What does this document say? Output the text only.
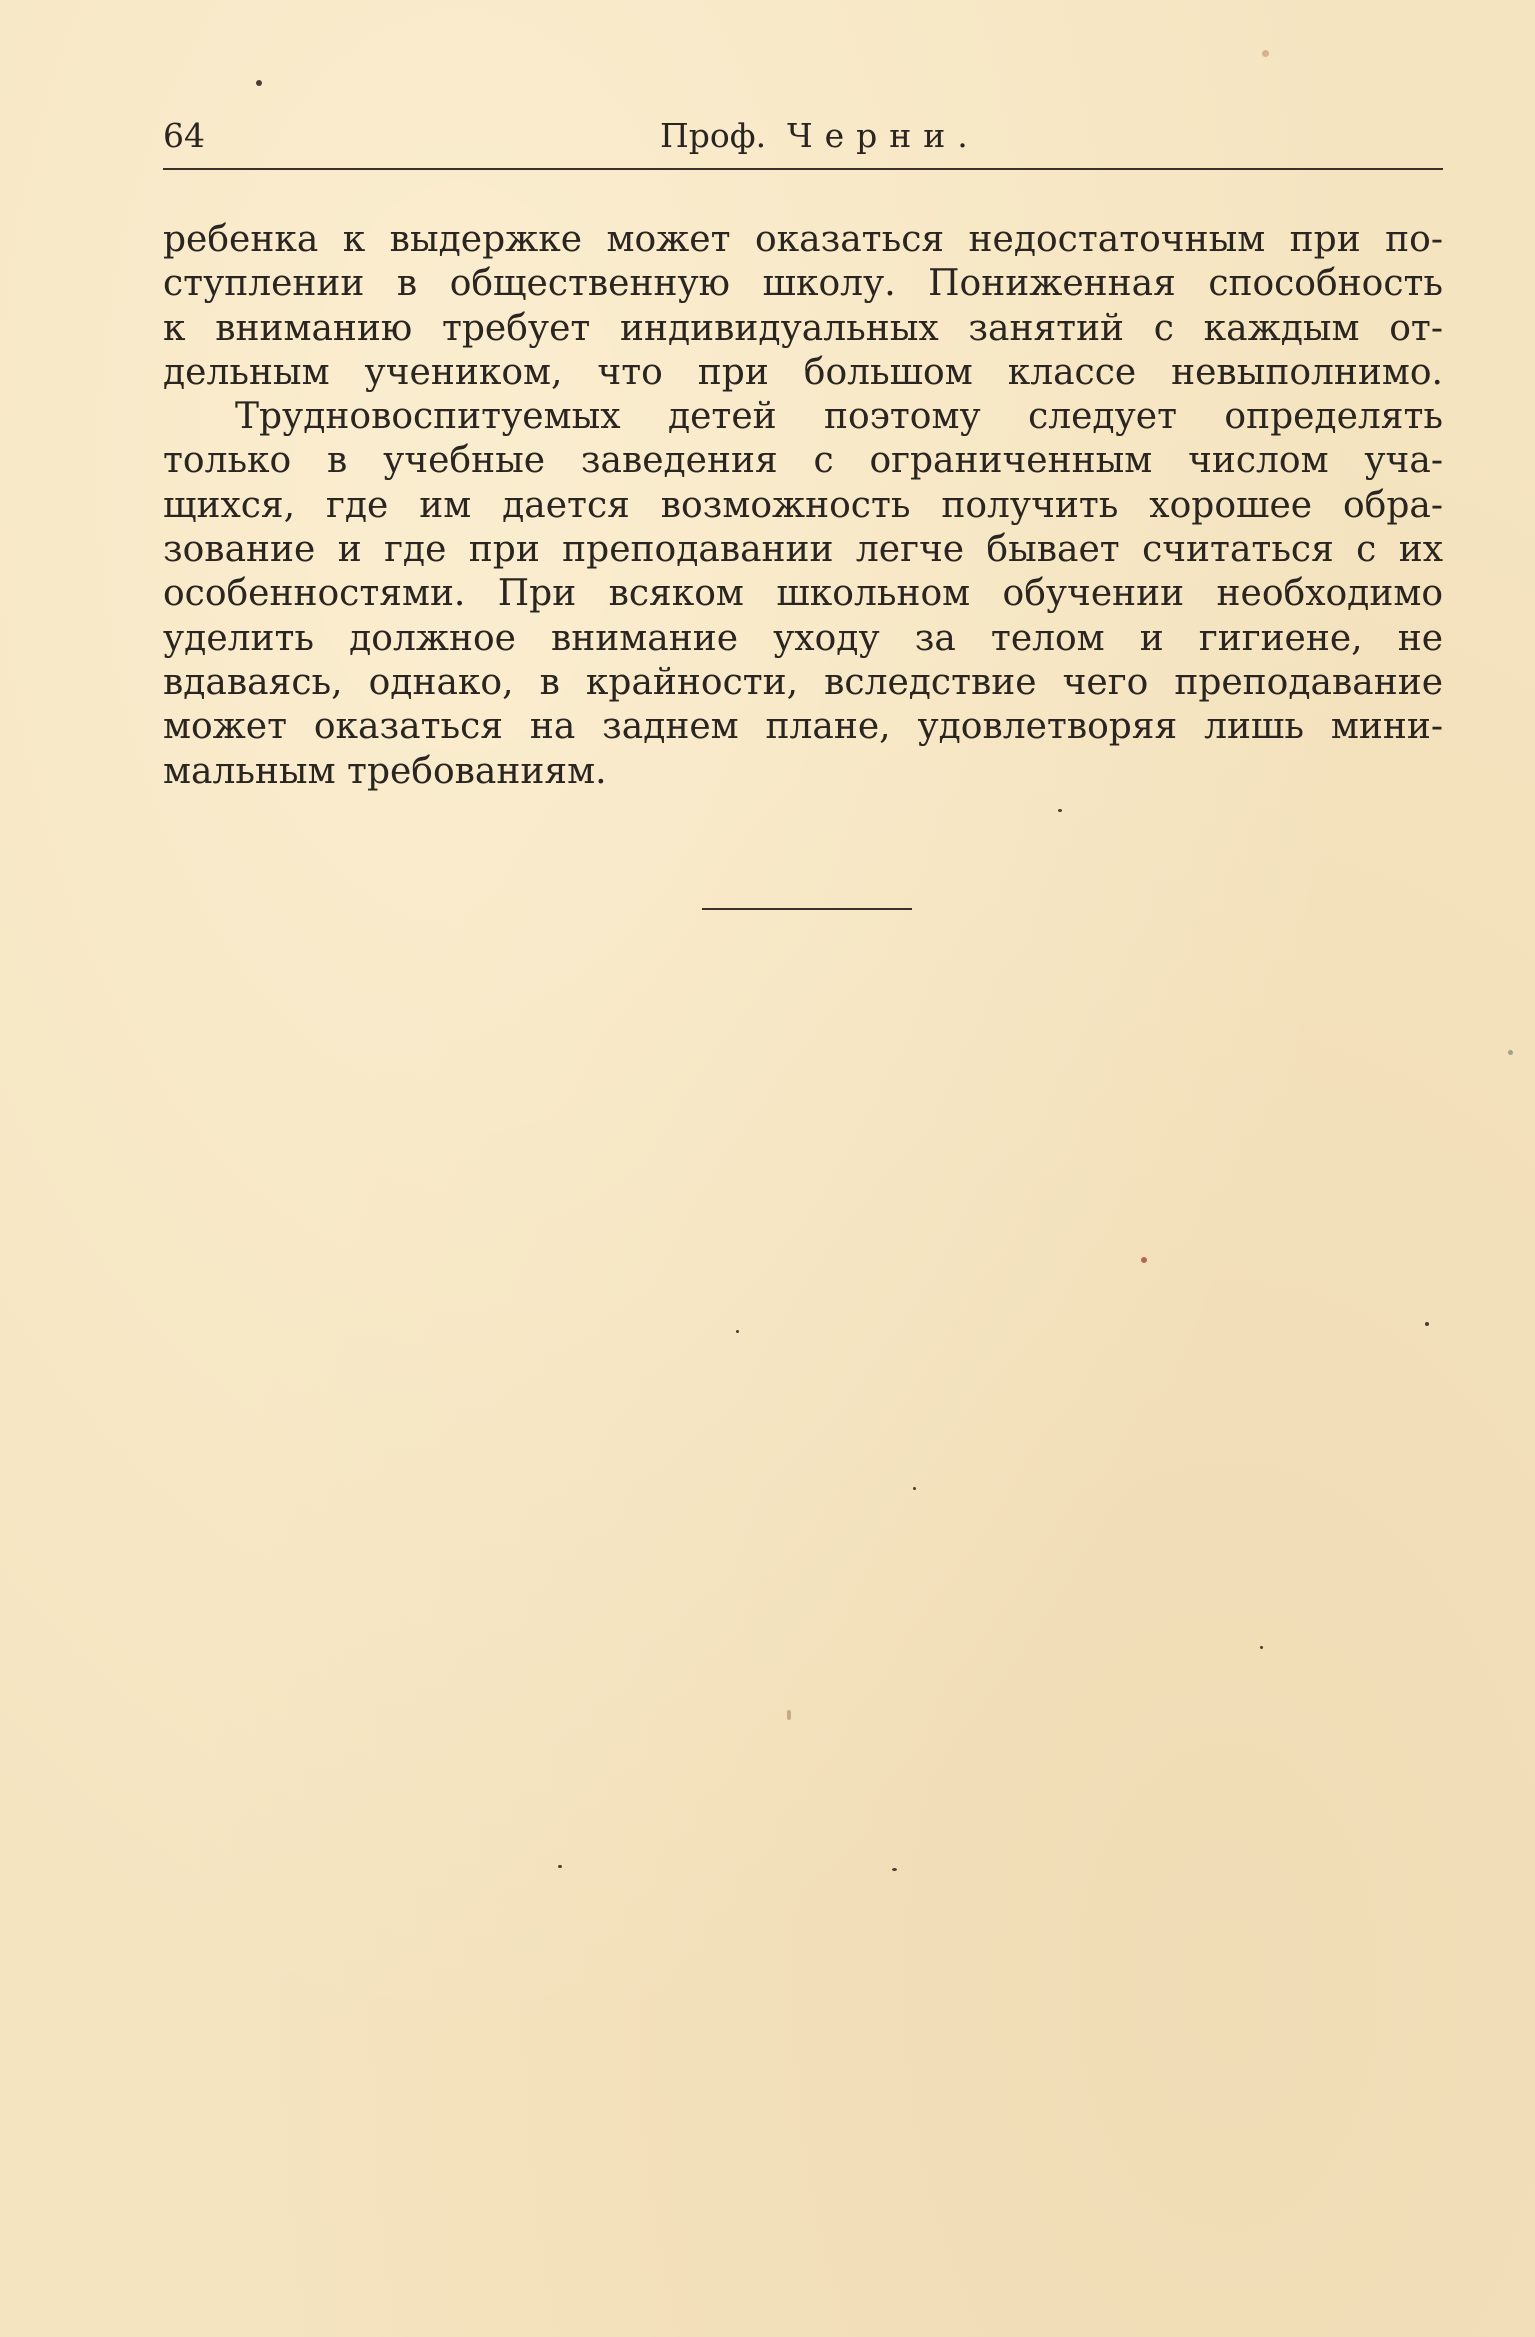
64	Проф. Черни.

ребенка к выдержке может оказаться недостаточным при по-
ступлении в общественную школу. Пониженная способность
к вниманию требует индивидуальных занятий с каждым от-
дельным учеником, что при большом классе невыполнимо.

Трудновоспитуемых детей поэтому следует определять
только в учебные заведения с ограниченным числом уча-
щихся, где им дается возможность получить хорошее обра-
зование и где при преподавании легче бывает считаться с их
особенностями. При всяком школьном обучении необходимо
уделить должное внимание уходу за телом и гигиене, не
вдаваясь, однако, в крайности, вследствие чего преподавание
может оказаться на заднем плане, удовлетворяя лишь мини-
мальным требованиям.
